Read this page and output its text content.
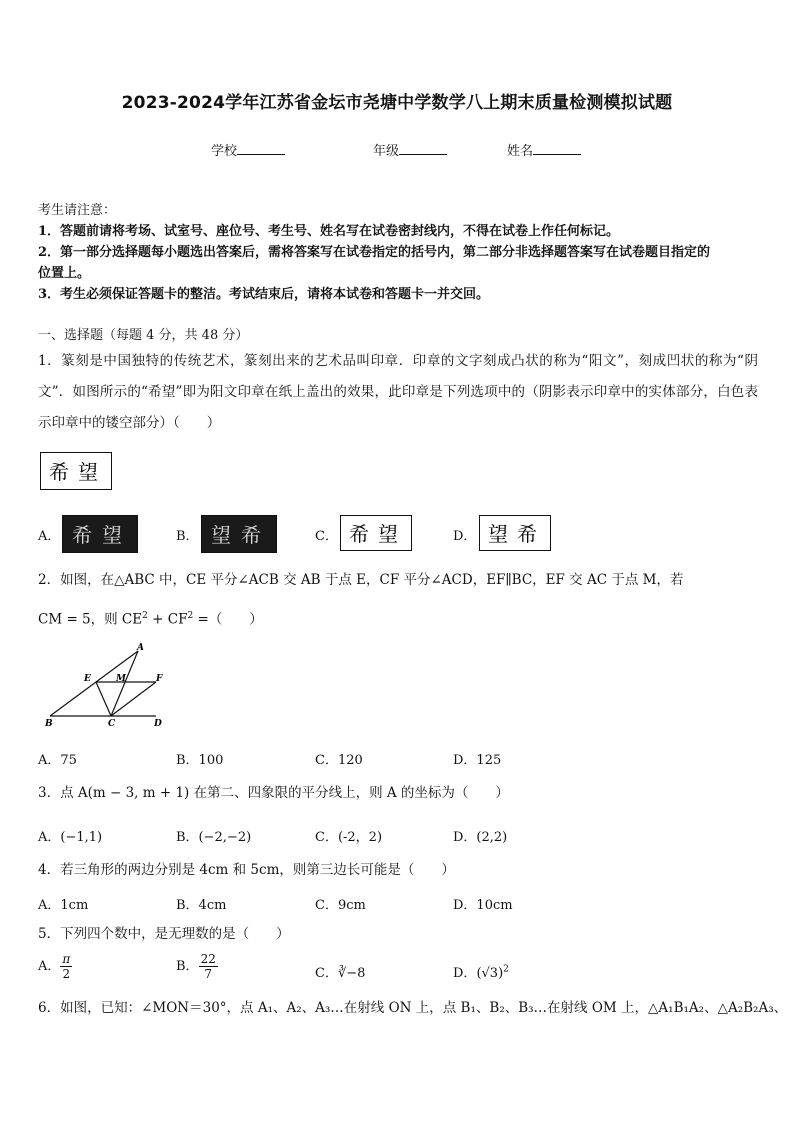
2023-2024学年江苏省金坛市尧塘中学数学八上期末质量检测模拟试题
学校	年级	姓名
考生请注意：
1．答题前请将考场、试室号、座位号、考生号、姓名写在试卷密封线内，不得在试卷上作任何标记。
2．第一部分选择题每小题选出答案后，需将答案写在试卷指定的括号内，第二部分非选择题答案写在试卷题目指定的
位置上。
3．考生必须保证答题卡的整洁。考试结束后，请将本试卷和答题卡一并交回。
一、选择题（每题 4 分，共 48 分）
1．篆刻是中国独特的传统艺术，篆刻出来的艺术品叫印章．印章的文字刻成凸状的称为“阳文”，刻成凹状的称为“阴文”．如图所示的“希望”即为阳文印章在纸上盖出的效果，此印章是下列选项中的（阴影表示印章中的实体部分，白色表示印章中的镂空部分）（　　）
希 望
A． 希 望	B． 望 希	C． 希 望	D． 望 希
2．如图，在△ABC 中，CE 平分∠ACB 交 AB 于点 E，CF 平分∠ACD，EF∥BC，EF 交 AC 于点 M，若
CM = 5，则 $CE^2 + CF^2$ =（　　）
A
E	M	F
B	C	D
A．75	B．100	C．120	D．125
3．点 A(m − 3, m + 1) 在第二、四象限的平分线上，则 A 的坐标为（　　）
A．(−1,1)	B．(−2,−2)	C．(-2，2)	D．(2,2)
4．若三角形的两边分别是 4cm 和 5cm，则第三边长可能是（　　）
A．1cm	B．4cm	C．9cm	D．10cm
5．下列四个数中，是无理数的是（　　）
A． $\frac{\pi}{2}$	B． $\frac{22}{7}$	C．∛−8	D．$(√3)^2$
6．如图，已知：∠MON＝30°，点 A₁、A₂、A₃…在射线 ON 上，点 B₁、B₂、B₃…在射线 OM 上，△A₁B₁A₂、△A₂B₂A₃、
